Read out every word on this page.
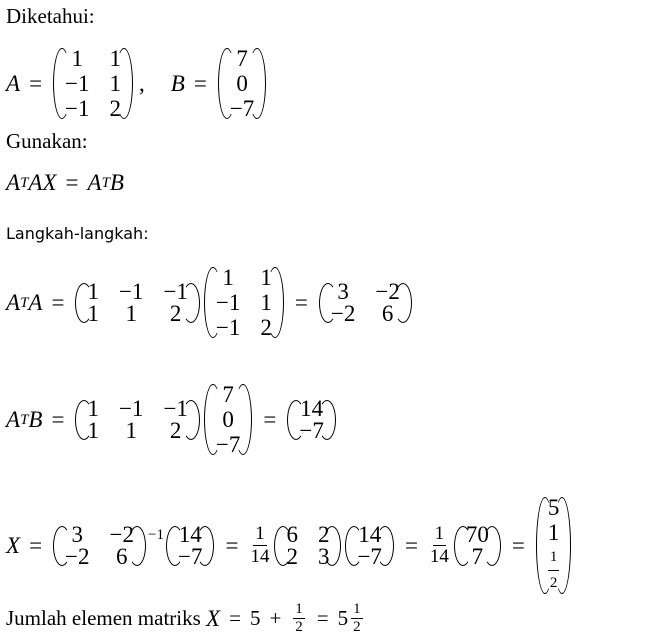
Diketahui:
A =
1 1
−1 1
−1 2
, B =
7
0
−7
Gunakan:
A T A X = A T B
Langkah-langkah:
A T A = 1 −1 −1
1 1 2
1 1
−1 1
−1 2
= 3 −2
−2 6
A T B = 1 −1 −1
1 1 2
7
0
−7
= 14
−7
X = 3 −2
−2 6
−1 14
$-7 = \frac{1}{14} 6$ 2
2 3
14
$-7 = \frac{1}{14} 70$
7 =
5
1
$\frac{1}{2}$
Jumlah elemen matriks $X = 5 + \frac{1}{2} = 5 \frac{1}{2}$
